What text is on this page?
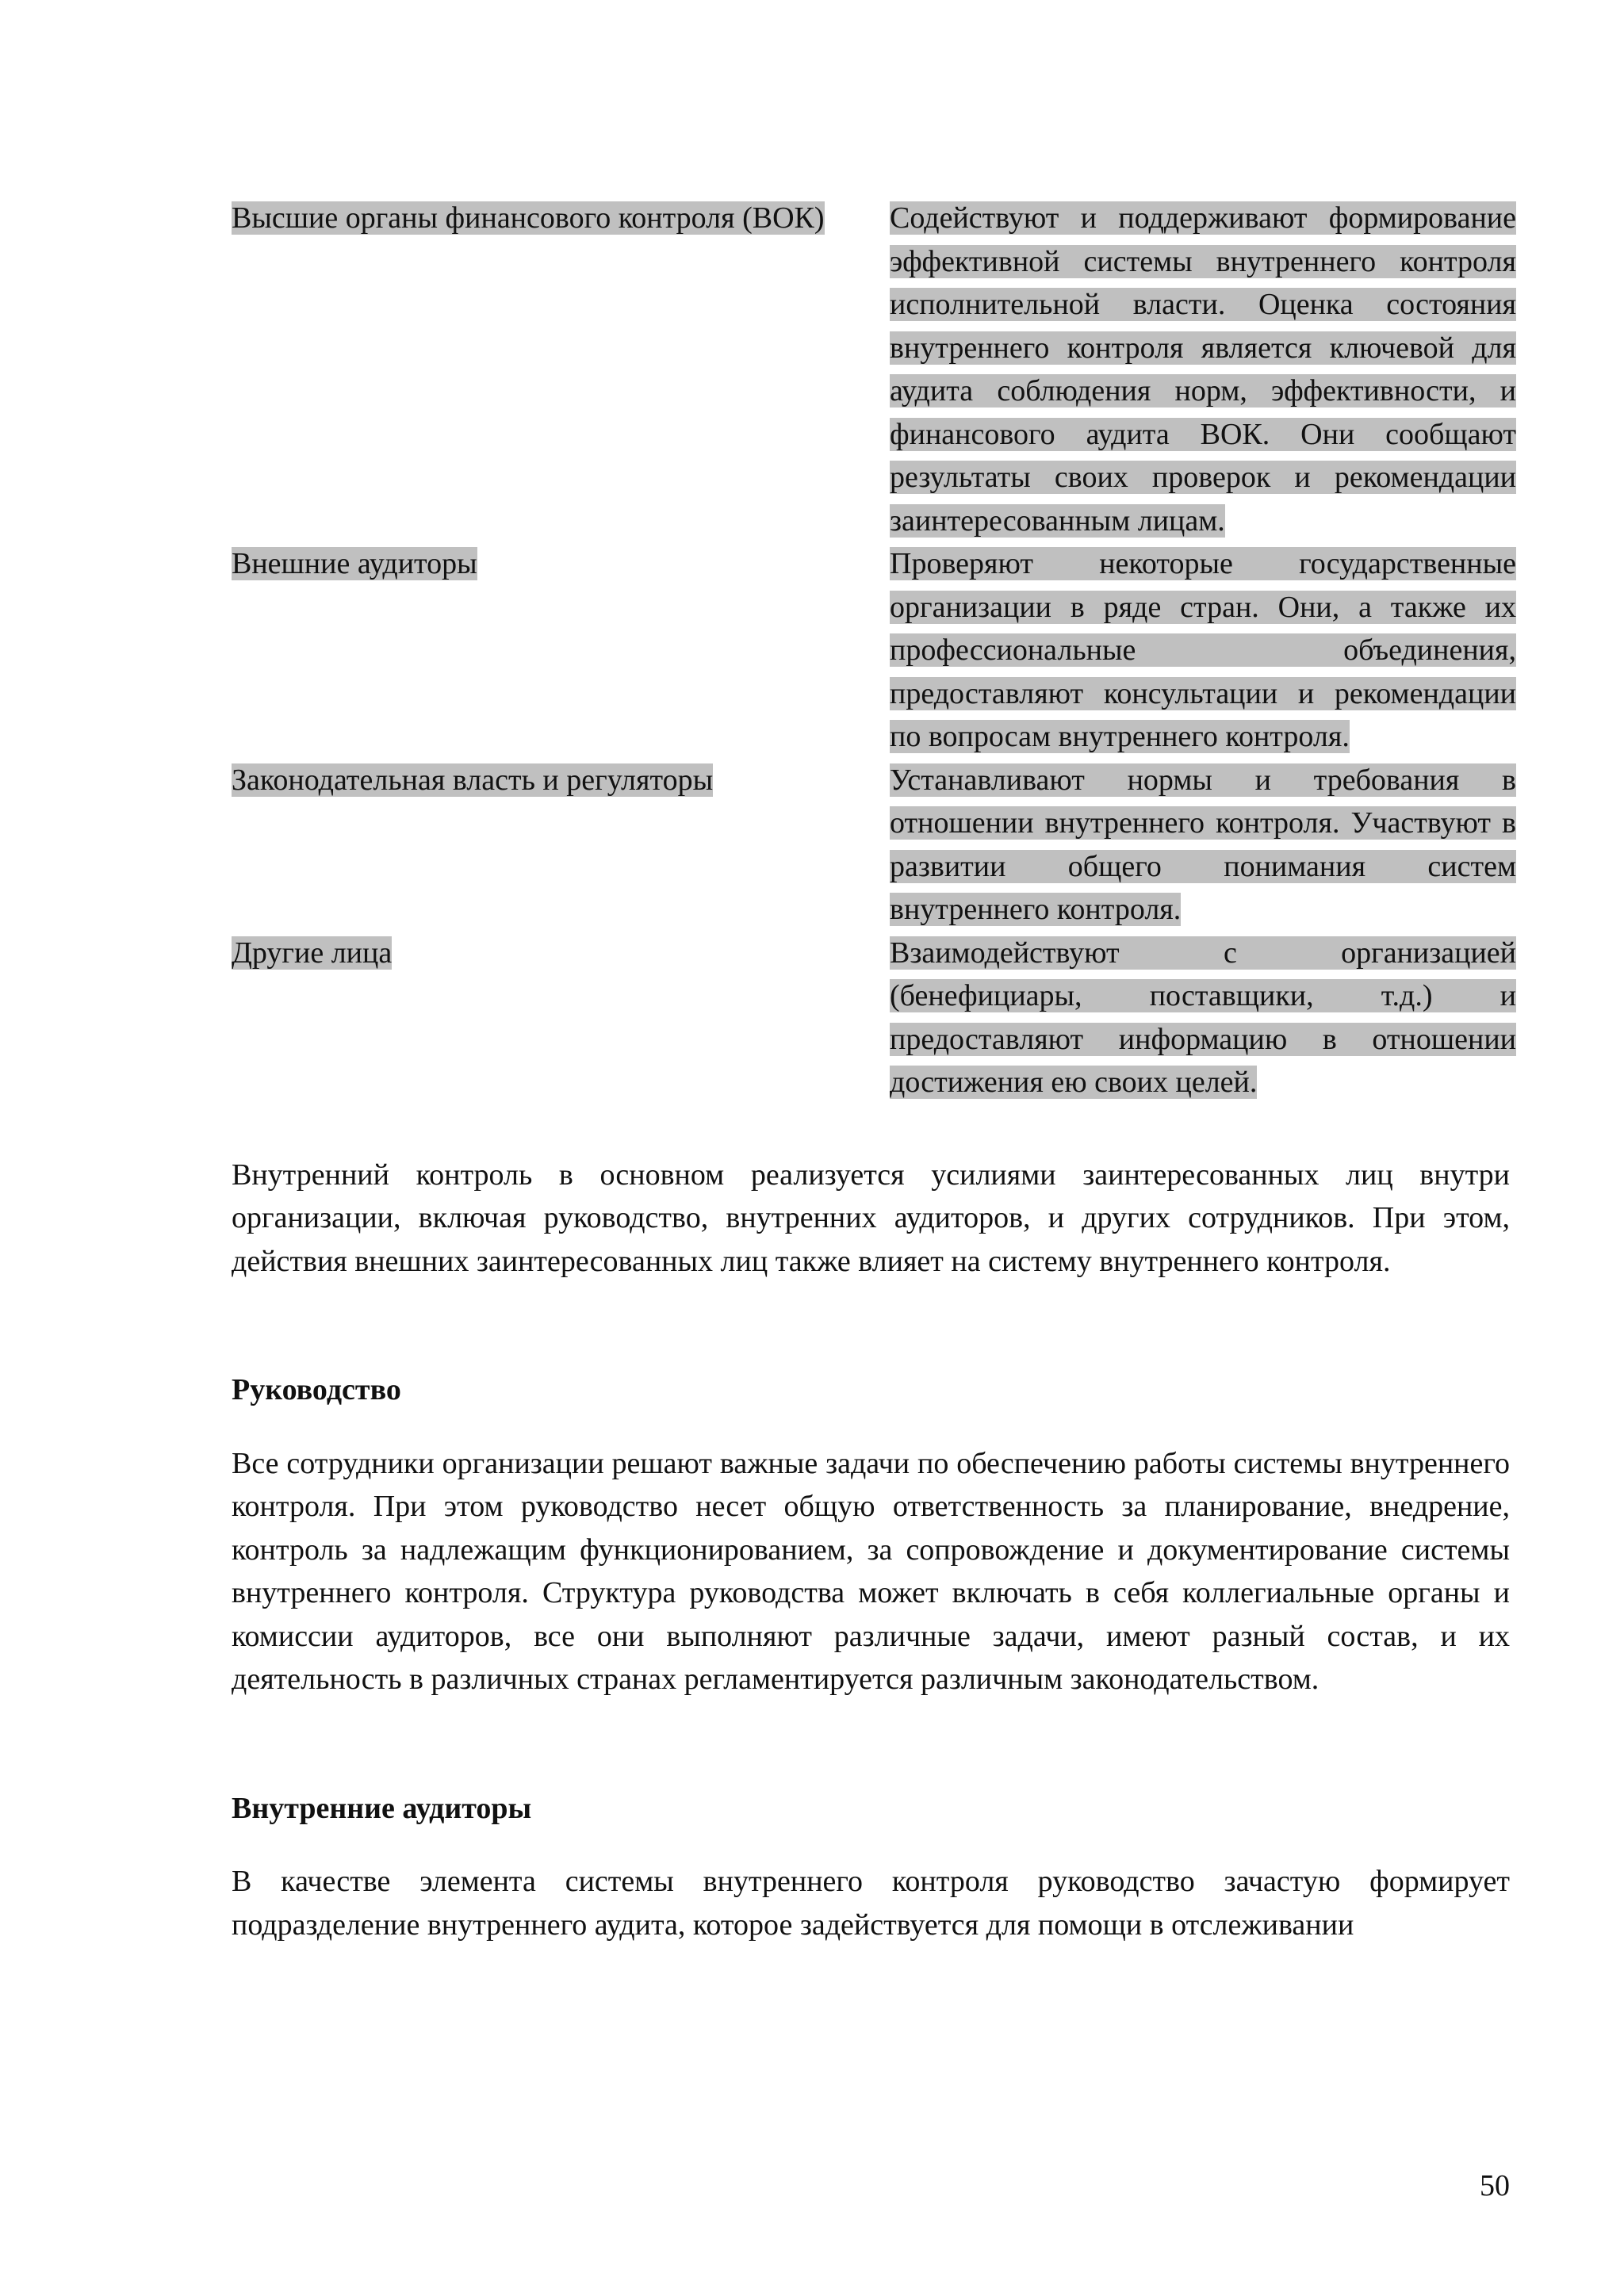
Высшие органы финансового контроля (ВОК)	Содействуют и поддерживают формирование эффективной системы внутреннего контроля исполнительной власти. Оценка состояния внутреннего контроля является ключевой для аудита соблюдения норм, эффективности, и финансового аудита ВОК. Они сообщают результаты своих проверок и рекомендации заинтересованным лицам.
Внешние аудиторы	Проверяют некоторые государственные организации в ряде стран. Они, а также их профессиональные объединения, предоставляют консультации и рекомендации по вопросам внутреннего контроля.
Законодательная власть и регуляторы	Устанавливают нормы и требования в отношении внутреннего контроля. Участвуют в развитии общего понимания систем внутреннего контроля.
Другие лица	Взаимодействуют с организацией (бенефициары, поставщики, т.д.) и предоставляют информацию в отношении достижения ею своих целей.

Внутренний контроль в основном реализуется усилиями заинтересованных лиц внутри организации, включая руководство, внутренних аудиторов, и других сотрудников. При этом, действия внешних заинтересованных лиц также влияет на систему внутреннего контроля.

Руководство

Все сотрудники организации решают важные задачи по обеспечению работы системы внутреннего контроля. При этом руководство несет общую ответственность за планирование, внедрение, контроль за надлежащим функционированием, за сопровождение и документирование системы внутреннего контроля. Структура руководства может включать в себя коллегиальные органы и комиссии аудиторов, все они выполняют различные задачи, имеют разный состав, и их деятельность в различных странах регламентируется различным законодательством.

Внутренние аудиторы

В качестве элемента системы внутреннего контроля руководство зачастую формирует подразделение внутреннего аудита, которое задействуется для помощи в отслеживании

50
